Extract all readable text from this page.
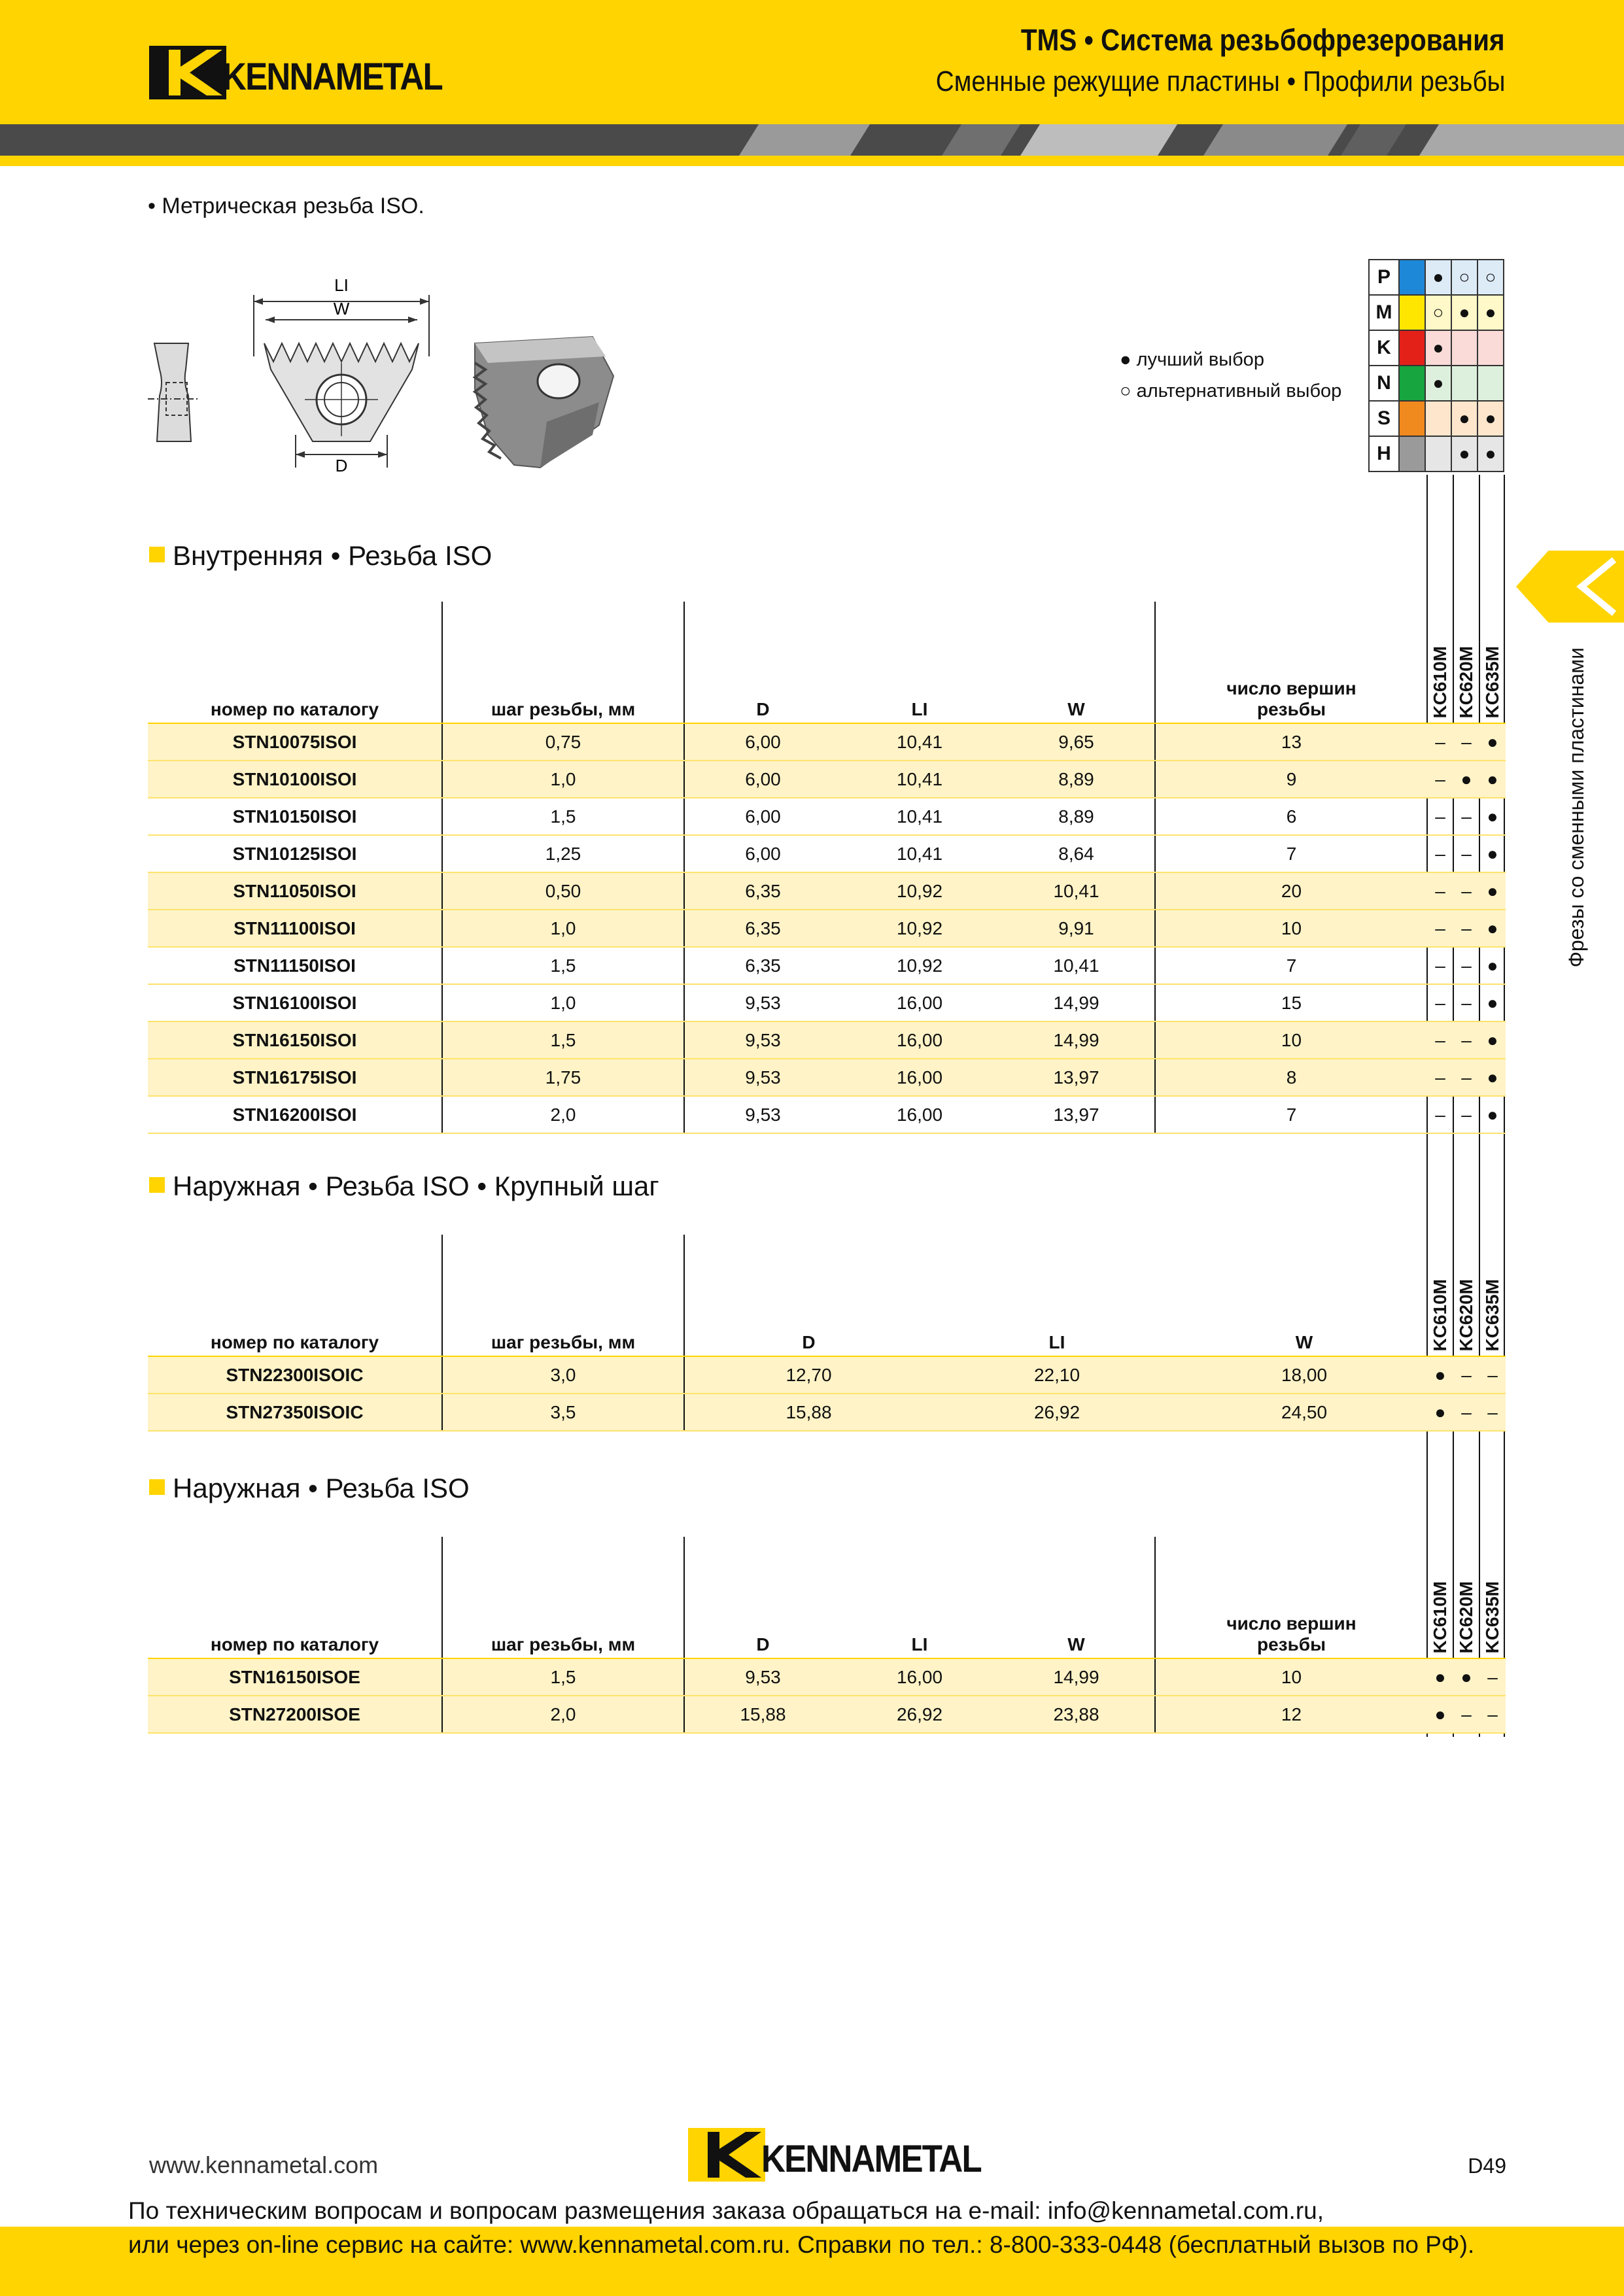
KENNAMETAL
TMS • Система резьбофрезерования
Сменные режущие пластины • Профили резьбы
• Метрическая резьба ISO.
LI
W
D
● лучший выбор
○ альтернативный выбор
P		●	○	○
M		○	●	●
K		●		
N		●		
S			●	●
H			●	●
Фрезы со сменными пластинами
Внутренняя • Резьба ISO
номер по каталогу	шаг резьбы, мм	D	LI	W	число вершин резьбы	KC610M	KC620M	KC635M
STN10075ISOI	0,75	6,00	10,41	9,65	13	–	–	●
STN10100ISOI	1,0	6,00	10,41	8,89	9	–	●	●
STN10150ISOI	1,5	6,00	10,41	8,89	6	–	–	●
STN10125ISOI	1,25	6,00	10,41	8,64	7	–	–	●
STN11050ISOI	0,50	6,35	10,92	10,41	20	–	–	●
STN11100ISOI	1,0	6,35	10,92	9,91	10	–	–	●
STN11150ISOI	1,5	6,35	10,92	10,41	7	–	–	●
STN16100ISOI	1,0	9,53	16,00	14,99	15	–	–	●
STN16150ISOI	1,5	9,53	16,00	14,99	10	–	–	●
STN16175ISOI	1,75	9,53	16,00	13,97	8	–	–	●
STN16200ISOI	2,0	9,53	16,00	13,97	7	–	–	●
Наружная • Резьба ISO • Крупный шаг
номер по каталогу	шаг резьбы, мм	D	LI	W	KC610M	KC620M	KC635M
STN22300ISOIC	3,0	12,70	22,10	18,00	●	–	–
STN27350ISOIC	3,5	15,88	26,92	24,50	●	–	–
Наружная • Резьба ISO
номер по каталогу	шаг резьбы, мм	D	LI	W	число вершин резьбы	KC610M	KC620M	KC635M
STN16150ISOE	1,5	9,53	16,00	14,99	10	●	●	–
STN27200ISOE	2,0	15,88	26,92	23,88	12	●	–	–
www.kennametal.com	KENNAMETAL	D49
По техническим вопросам и вопросам размещения заказа обращаться на e-mail: info@kennametal.com.ru,
или через on-line сервис на сайте: www.kennametal.com.ru. Справки по тел.: 8-800-333-0448 (бесплатный вызов по РФ).
